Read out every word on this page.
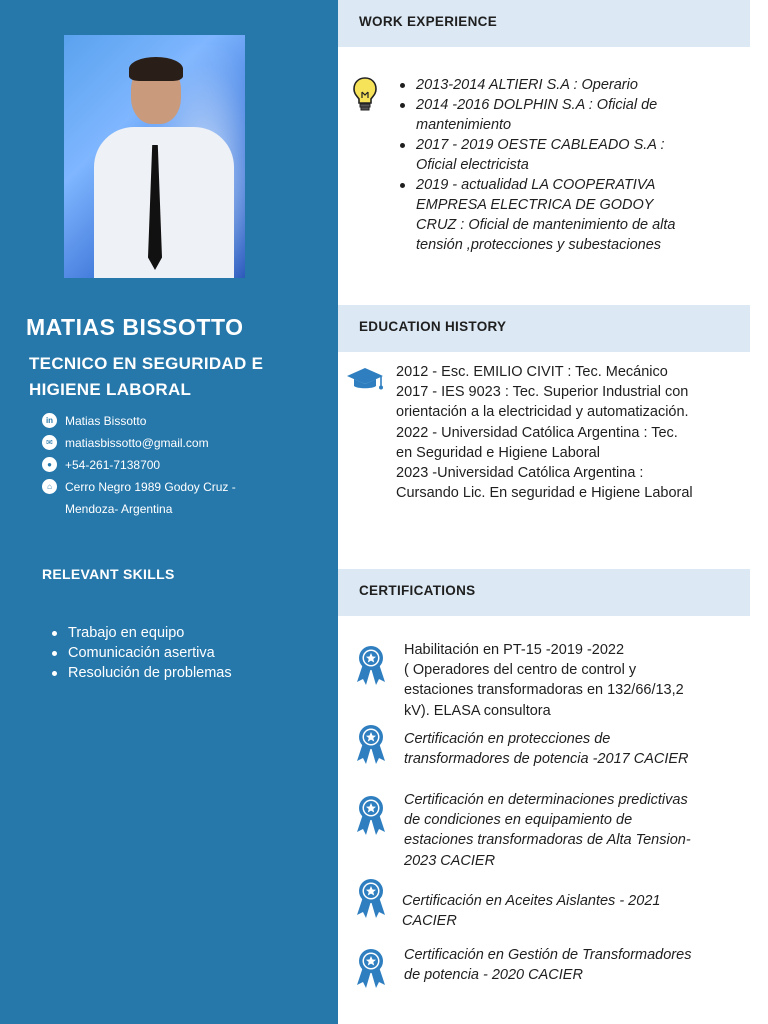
MATIAS BISSOTTO
TECNICO EN SEGURIDAD E HIGIENE LABORAL
in Matias Bissotto
✉	matiasbissotto@gmail.com
●	+54-261-7138700
⌂	Cerro Negro 1989 Godoy Cruz - Mendoza- Argentina
RELEVANT SKILLS
Trabajo en equipo
Comunicación asertiva
Resolución de problemas
WORK EXPERIENCE
2013-2014 ALTIERI S.A : Operario
2014 -2016 DOLPHIN S.A : Oficial de mantenimiento
2017 - 2019 OESTE CABLEADO S.A : Oficial electricista
2019 - actualidad LA COOPERATIVA EMPRESA ELECTRICA DE GODOY CRUZ : Oficial de mantenimiento de alta tensión ,protecciones y subestaciones
EDUCATION HISTORY
2012 - Esc. EMILIO CIVIT : Tec. Mecánico
2017 - IES 9023 : Tec. Superior Industrial con orientación a la electricidad y automatización.
2022 - Universidad Católica Argentina : Tec. en Seguridad e Higiene Laboral
2023 -Universidad Católica Argentina : Cursando Lic. En seguridad e Higiene Laboral
CERTIFICATIONS
Habilitación en PT-15 -2019 -2022
( Operadores del centro de control y estaciones transformadoras en 132/66/13,2 kV). ELASA consultora
Certificación en protecciones de transformadores de potencia -2017 CACIER
Certificación en determinaciones predictivas de condiciones en equipamiento de estaciones transformadoras de Alta Tension- 2023 CACIER
Certificación en Aceites Aislantes - 2021 CACIER
Certificación en Gestión de Transformadores de potencia - 2020 CACIER
